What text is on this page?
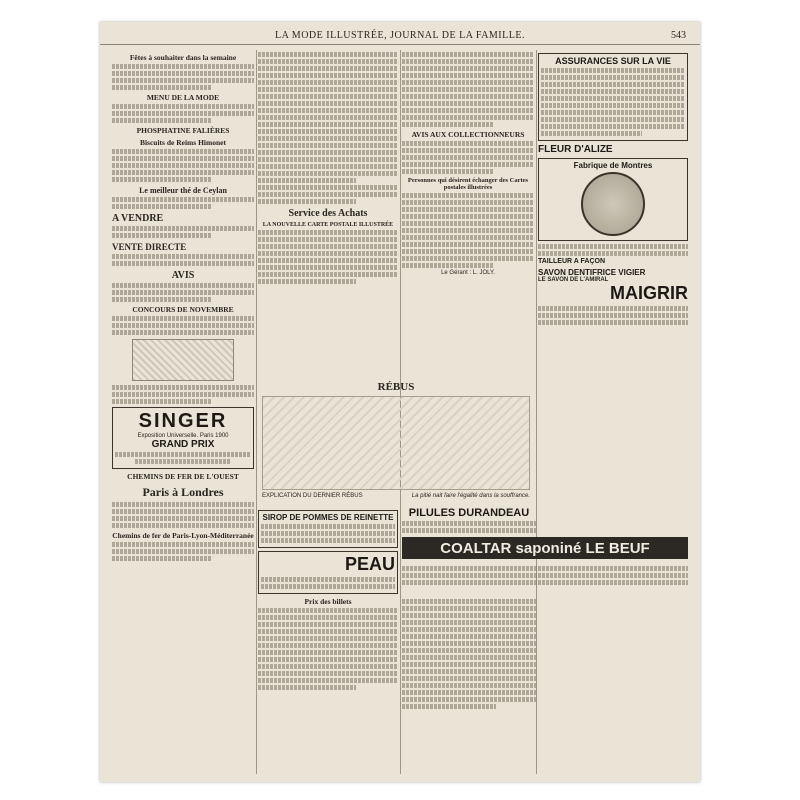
LA MODE ILLUSTRÉE, JOURNAL DE LA FAMILLE.	543
Fêtes à souhaiter dans la semaine
MENU DE LA MODE
PHOSPHATINE FALIÈRES
Biscuits de Reims Himonet
Le meilleur thé de Ceylan
A VENDRE
VENTE DIRECTE
AVIS
CONCOURS DE NOVEMBRE
SINGER
Exposition Universelle. Paris 1900
GRAND PRIX
CHEMINS DE FER DE L'OUEST
Paris à Londres
Chemins de fer de Paris-Lyon-Méditerranée
Service des Achats
LA NOUVELLE CARTE POSTALE ILLUSTRÉE
AVIS AUX COLLECTIONNEURS
Personnes qui désirent échanger des Cartes postales illustrées
Le Gérant : L. JOLY.
RÉBUS
EXPLICATION DU DERNIER RÉBUS	La pitié nait faire l'égalité dans la souffrance.
SIROP DE POMMES DE REINETTE
PEAU
Prix des billets
PILULES DURANDEAU
COALTAR saponiné LE BEUF
ASSURANCES SUR LA VIE
FLEUR D'ALIZE
Fabrique de Montres
TAILLEUR A FAÇON
SAVON DENTIFRICE VIGIER
LE SAVON DE L'AMIRAL
MAIGRIR
